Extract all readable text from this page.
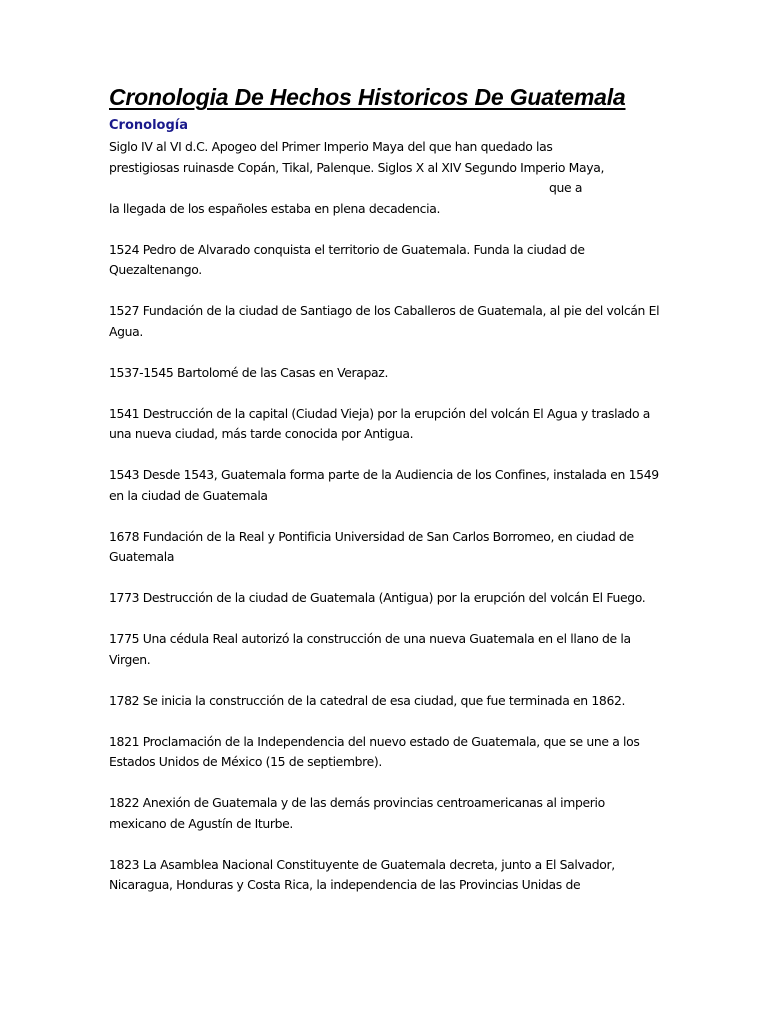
Cronologia De Hechos Historicos De Guatemala
Cronología

Siglo IV al VI d.C. Apogeo del Primer Imperio Maya del que han quedado las

prestigiosas ruinasde Copán, Tikal, Palenque. Siglos X al XIV Segundo Imperio Maya,

que a

la llegada de los españoles estaba en plena decadencia.

1524 Pedro de Alvarado conquista el territorio de Guatemala. Funda la ciudad de Quezaltenango.

1527 Fundación de la ciudad de Santiago de los Caballeros de Guatemala, al pie del volcán El Agua.

1537-1545 Bartolomé de las Casas en Verapaz.

1541 Destrucción de la capital (Ciudad Vieja) por la erupción del volcán El Agua y traslado a una nueva ciudad, más tarde conocida por Antigua.

1543 Desde 1543, Guatemala forma parte de la Audiencia de los Confines, instalada en 1549 en la ciudad de Guatemala

1678 Fundación de la Real y Pontificia Universidad de San Carlos Borromeo, en ciudad de Guatemala

1773 Destrucción de la ciudad de Guatemala (Antigua) por la erupción del volcán El Fuego.

1775 Una cédula Real autorizó la construcción de una nueva Guatemala en el llano de la Virgen.

1782 Se inicia la construcción de la catedral de esa ciudad, que fue terminada en 1862.

1821 Proclamación de la Independencia del nuevo estado de Guatemala, que se une a los Estados Unidos de México (15 de septiembre).

1822 Anexión de Guatemala y de las demás provincias centroamericanas al imperio mexicano de Agustín de Iturbe.

1823 La Asamblea Nacional Constituyente de Guatemala decreta, junto a El Salvador, Nicaragua, Honduras y Costa Rica, la independencia de las Provincias Unidas de
